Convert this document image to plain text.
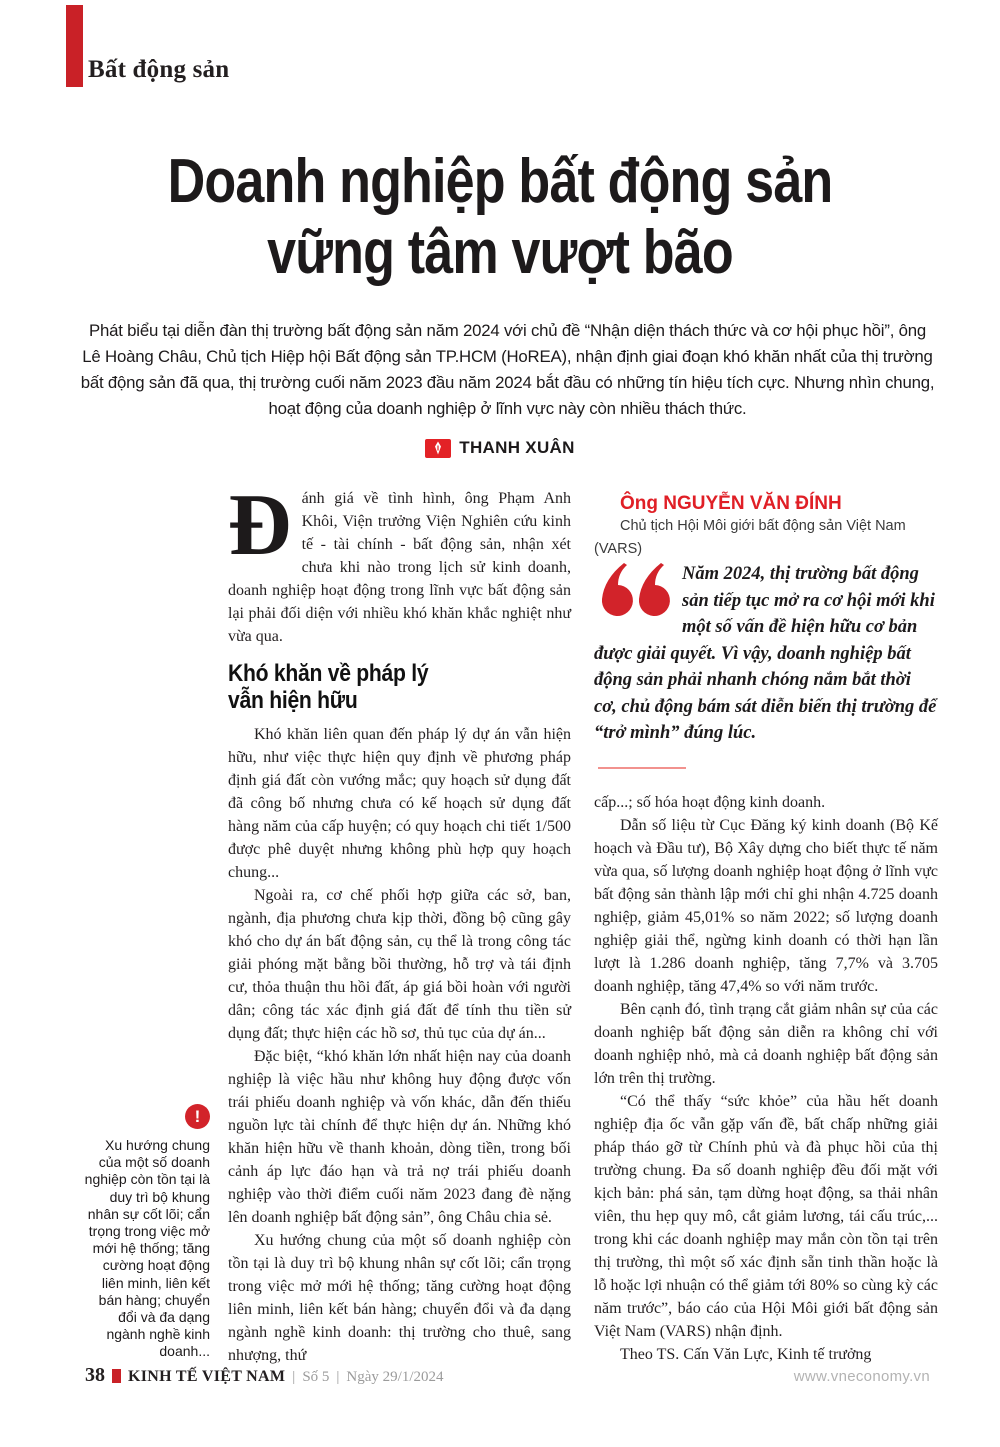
Bất động sản
Doanh nghiệp bất động sản
vững tâm vượt bão
Phát biểu tại diễn đàn thị trường bất động sản năm 2024 với chủ đề “Nhận diện thách thức và cơ hội phục hồi”, ông Lê Hoàng Châu, Chủ tịch Hiệp hội Bất động sản TP.HCM (HoREA), nhận định giai đoạn khó khăn nhất của thị trường bất động sản đã qua, thị trường cuối năm 2023 đầu năm 2024 bắt đầu có những tín hiệu tích cực. Nhưng nhìn chung, hoạt động của doanh nghiệp ở lĩnh vực này còn nhiều thách thức.
THANH XUÂN

Đánh giá về tình hình, ông Phạm Anh Khôi, Viện trưởng Viện Nghiên cứu kinh tế - tài chính - bất động sản, nhận xét chưa khi nào trong lịch sử kinh doanh, doanh nghiệp hoạt động trong lĩnh vực bất động sản lại phải đối diện với nhiều khó khăn khắc nghiệt như vừa qua.

Khó khăn về pháp lý
vẫn hiện hữu

Khó khăn liên quan đến pháp lý dự án vẫn hiện hữu, như việc thực hiện quy định về phương pháp định giá đất còn vướng mắc; quy hoạch sử dụng đất đã công bố nhưng chưa có kế hoạch sử dụng đất hàng năm của cấp huyện; có quy hoạch chi tiết 1/500 được phê duyệt nhưng không phù hợp quy hoạch chung...

Ngoài ra, cơ chế phối hợp giữa các sở, ban, ngành, địa phương chưa kịp thời, đồng bộ cũng gây khó cho dự án bất động sản, cụ thể là trong công tác giải phóng mặt bằng bồi thường, hỗ trợ và tái định cư, thỏa thuận thu hồi đất, áp giá bồi hoàn với người dân; công tác xác định giá đất để tính thu tiền sử dụng đất; thực hiện các hồ sơ, thủ tục của dự án...

Đặc biệt, “khó khăn lớn nhất hiện nay của doanh nghiệp là việc hầu như không huy động được vốn trái phiếu doanh nghiệp và vốn khác, dẫn đến thiếu nguồn lực tài chính để thực hiện dự án. Những khó khăn hiện hữu về thanh khoản, dòng tiền, trong bối cảnh áp lực đáo hạn và trả nợ trái phiếu doanh nghiệp vào thời điểm cuối năm 2023 đang đè nặng lên doanh nghiệp bất động sản”, ông Châu chia sẻ.

Xu hướng chung của một số doanh nghiệp còn tồn tại là duy trì bộ khung nhân sự cốt lõi; cẩn trọng trong việc mở mới hệ thống; tăng cường hoạt động liên minh, liên kết bán hàng; chuyển đổi và đa dạng ngành nghề kinh doanh: thị trường cho thuê, sang nhượng, thứ

Ông NGUYỄN VĂN ĐÍNH

Chủ tịch Hội Môi giới bất động sản Việt Nam (VARS)

Năm 2024, thị trường bất động sản tiếp tục mở ra cơ hội mới khi một số vấn đề hiện hữu cơ bản được giải quyết. Vì vậy, doanh nghiệp bất động sản phải nhanh chóng nắm bắt thời cơ, chủ động bám sát diễn biến thị trường để “trở mình” đúng lúc.

cấp...; số hóa hoạt động kinh doanh.

Dẫn số liệu từ Cục Đăng ký kinh doanh (Bộ Kế hoạch và Đầu tư), Bộ Xây dựng cho biết thực tế năm vừa qua, số lượng doanh nghiệp hoạt động ở lĩnh vực bất động sản thành lập mới chỉ ghi nhận 4.725 doanh nghiệp, giảm 45,01% so năm 2022; số lượng doanh nghiệp giải thể, ngừng kinh doanh có thời hạn lần lượt là 1.286 doanh nghiệp, tăng 7,7% và 3.705 doanh nghiệp, tăng 47,4% so với năm trước.

Bên cạnh đó, tình trạng cắt giảm nhân sự của các doanh nghiệp bất động sản diễn ra không chỉ với doanh nghiệp nhỏ, mà cả doanh nghiệp bất động sản lớn trên thị trường.

“Có thể thấy “sức khỏe” của hầu hết doanh nghiệp địa ốc vẫn gặp vấn đề, bất chấp những giải pháp tháo gỡ từ Chính phủ và đà phục hồi của thị trường chung. Đa số doanh nghiệp đều đối mặt với kịch bản: phá sản, tạm dừng hoạt động, sa thải nhân viên, thu hẹp quy mô, cắt giảm lương, tái cấu trúc,... trong khi các doanh nghiệp may mắn còn tồn tại trên thị trường, thì một số xác định sẵn tinh thần hoặc là lỗ hoặc lợi nhuận có thể giảm tới 80% so cùng kỳ các năm trước”, báo cáo của Hội Môi giới bất động sản Việt Nam (VARS) nhận định.

Theo TS. Cấn Văn Lực, Kinh tế trưởng

!
Xu hướng chung của một số doanh nghiệp còn tồn tại là duy trì bộ khung nhân sự cốt lõi; cẩn trọng trong việc mở mới hệ thống; tăng cường hoạt động liên minh, liên kết bán hàng; chuyển đổi và đa dạng ngành nghề kinh doanh...
38 KINH TẾ VIỆT NAM | Số 5 | Ngày 29/1/2024	www.vneconomy.vn
